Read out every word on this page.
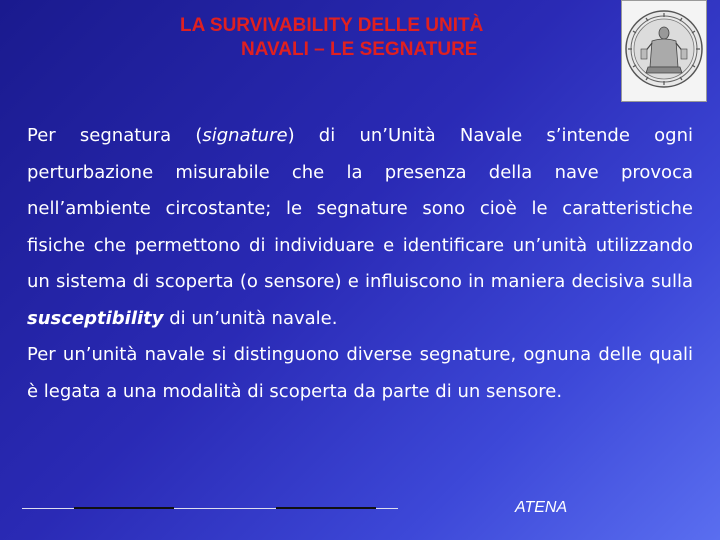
LA SURVIVABILITY DELLE UNITÀ
NAVALI – LE SEGNATURE

Per segnatura (signature) di un’Unità Navale s’intende ogni perturbazione misurabile che la presenza della nave provoca nell’ambiente circostante; le segnature sono cioè le caratteristiche fisiche che permettono di individuare e identificare un’unità utilizzando un sistema di scoperta (o sensore) e influiscono in maniera decisiva sulla susceptibility di un’unità navale.

Per un’unità navale si distinguono diverse segnature, ognuna delle quali è legata a una modalità di scoperta da parte di un sensore.

ATENA
